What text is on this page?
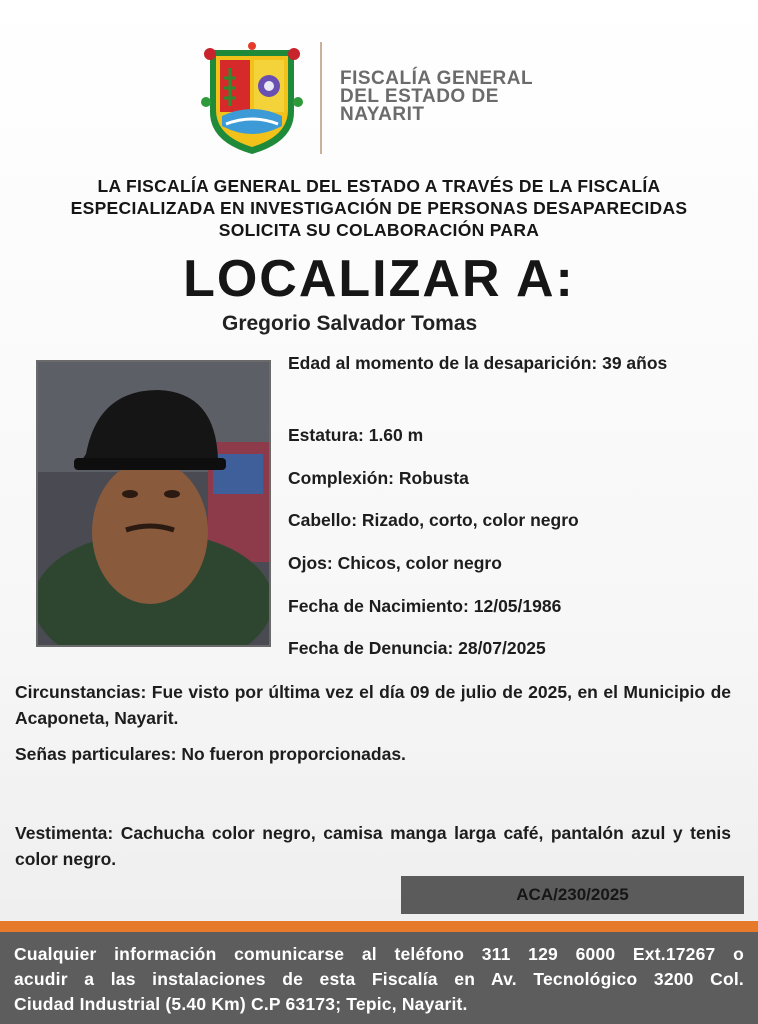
FISCALÍA GENERAL
DEL ESTADO DE
NAYARIT
LA FISCALÍA GENERAL DEL ESTADO A TRAVÉS DE LA FISCALÍA
ESPECIALIZADA EN INVESTIGACIÓN DE PERSONAS DESAPARECIDAS
SOLICITA SU COLABORACIÓN PARA
LOCALIZAR A:
Gregorio Salvador Tomas
Edad al momento de la desaparición: 39 años
Estatura: 1.60 m
Complexión: Robusta
Cabello: Rizado, corto, color negro
Ojos: Chicos, color negro
Fecha de Nacimiento: 12/05/1986
Fecha de Denuncia: 28/07/2025
Circunstancias: Fue visto por última vez el día 09 de julio de 2025, en el Municipio de Acaponeta, Nayarit.
Señas particulares: No fueron proporcionadas.
Vestimenta: Cachucha color negro, camisa manga larga café, pantalón azul y tenis color negro.
ACA/230/2025
Cualquier información comunicarse al teléfono 311 129 6000 Ext.17267 o
acudir a las instalaciones de esta Fiscalía en Av. Tecnológico 3200 Col.
Ciudad Industrial (5.40 Km) C.P 63173; Tepic, Nayarit.
